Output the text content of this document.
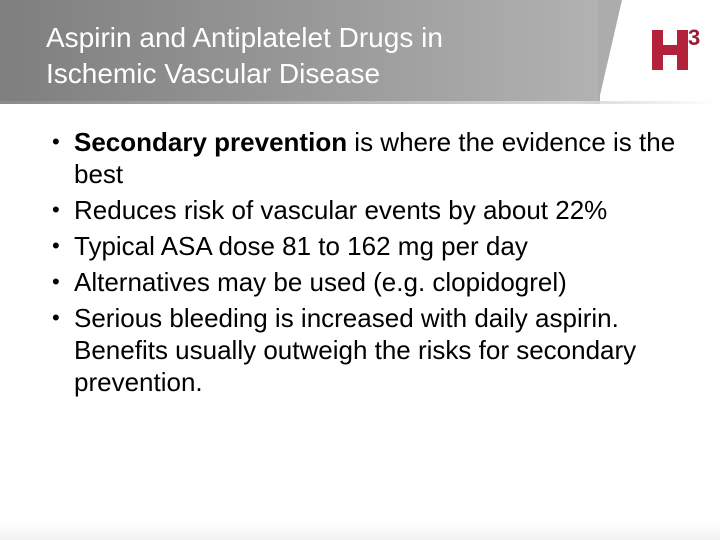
Aspirin and Antiplatelet Drugs in
Ischemic Vascular Disease
3
• Secondary prevention is where the evidence is the best
• Reduces risk of vascular events by about 22%
• Typical ASA dose 81 to 162 mg per day
• Alternatives may be used (e.g. clopidogrel)
• Serious bleeding is increased with daily aspirin. Benefits usually outweigh the risks for secondary prevention.
